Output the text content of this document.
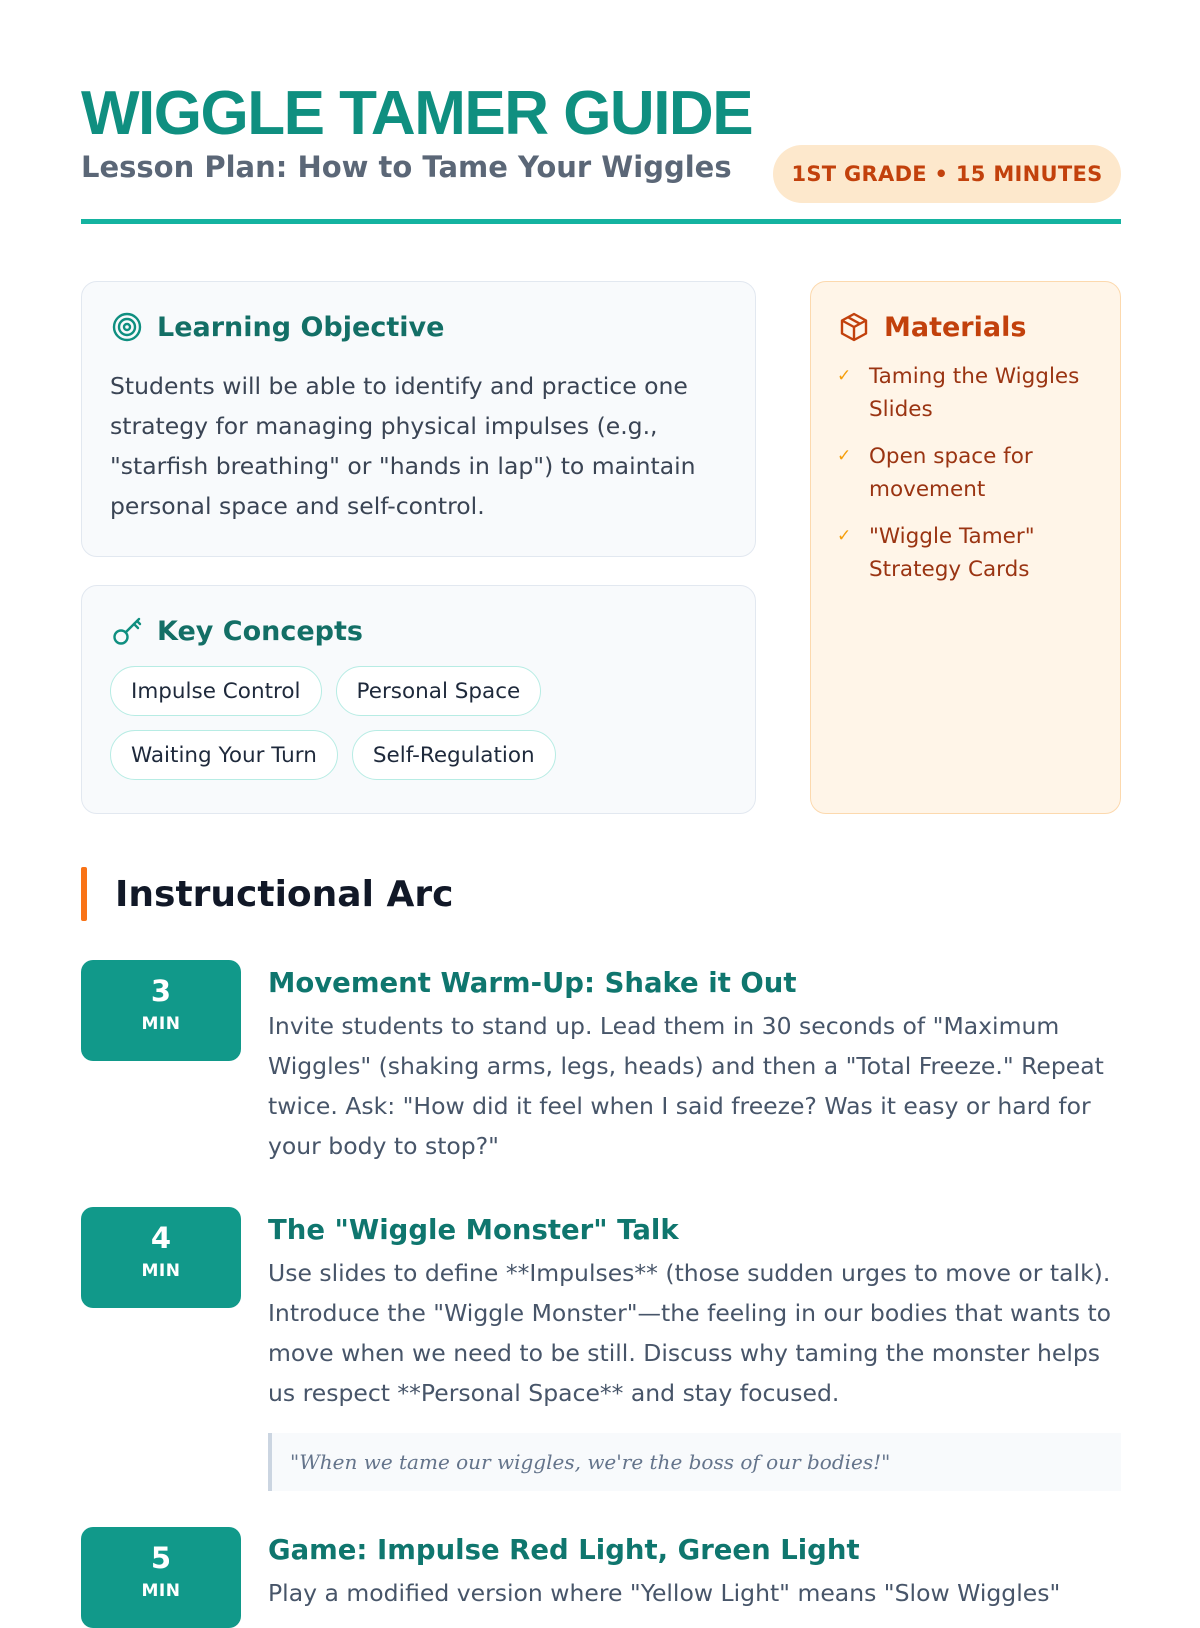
WIGGLE TAMER GUIDE
Lesson Plan: How to Tame Your Wiggles	1ST GRADE • 15 MINUTES
Learning Objective

Students will be able to identify and practice one strategy for managing physical impulses (e.g., "starfish breathing" or "hands in lap") to maintain personal space and self-control.

Key Concepts
Impulse Control	Personal Space
Waiting Your Turn	Self-Regulation
Materials
✓ Taming the Wiggles Slides
✓ Open space for movement
✓ "Wiggle Tamer" Strategy Cards
Instructional Arc
3
MIN
Movement Warm-Up: Shake it Out

Invite students to stand up. Lead them in 30 seconds of "Maximum Wiggles" (shaking arms, legs, heads) and then a "Total Freeze." Repeat twice. Ask: "How did it feel when I said freeze? Was it easy or hard for your body to stop?"

4
MIN
The "Wiggle Monster" Talk

Use slides to define **Impulses** (those sudden urges to move or talk). Introduce the "Wiggle Monster"—the feeling in our bodies that wants to move when we need to be still. Discuss why taming the monster helps us respect **Personal Space** and stay focused.

"When we tame our wiggles, we're the boss of our bodies!"
5
MIN
Game: Impulse Red Light, Green Light

Play a modified version where "Yellow Light" means "Slow Wiggles"
